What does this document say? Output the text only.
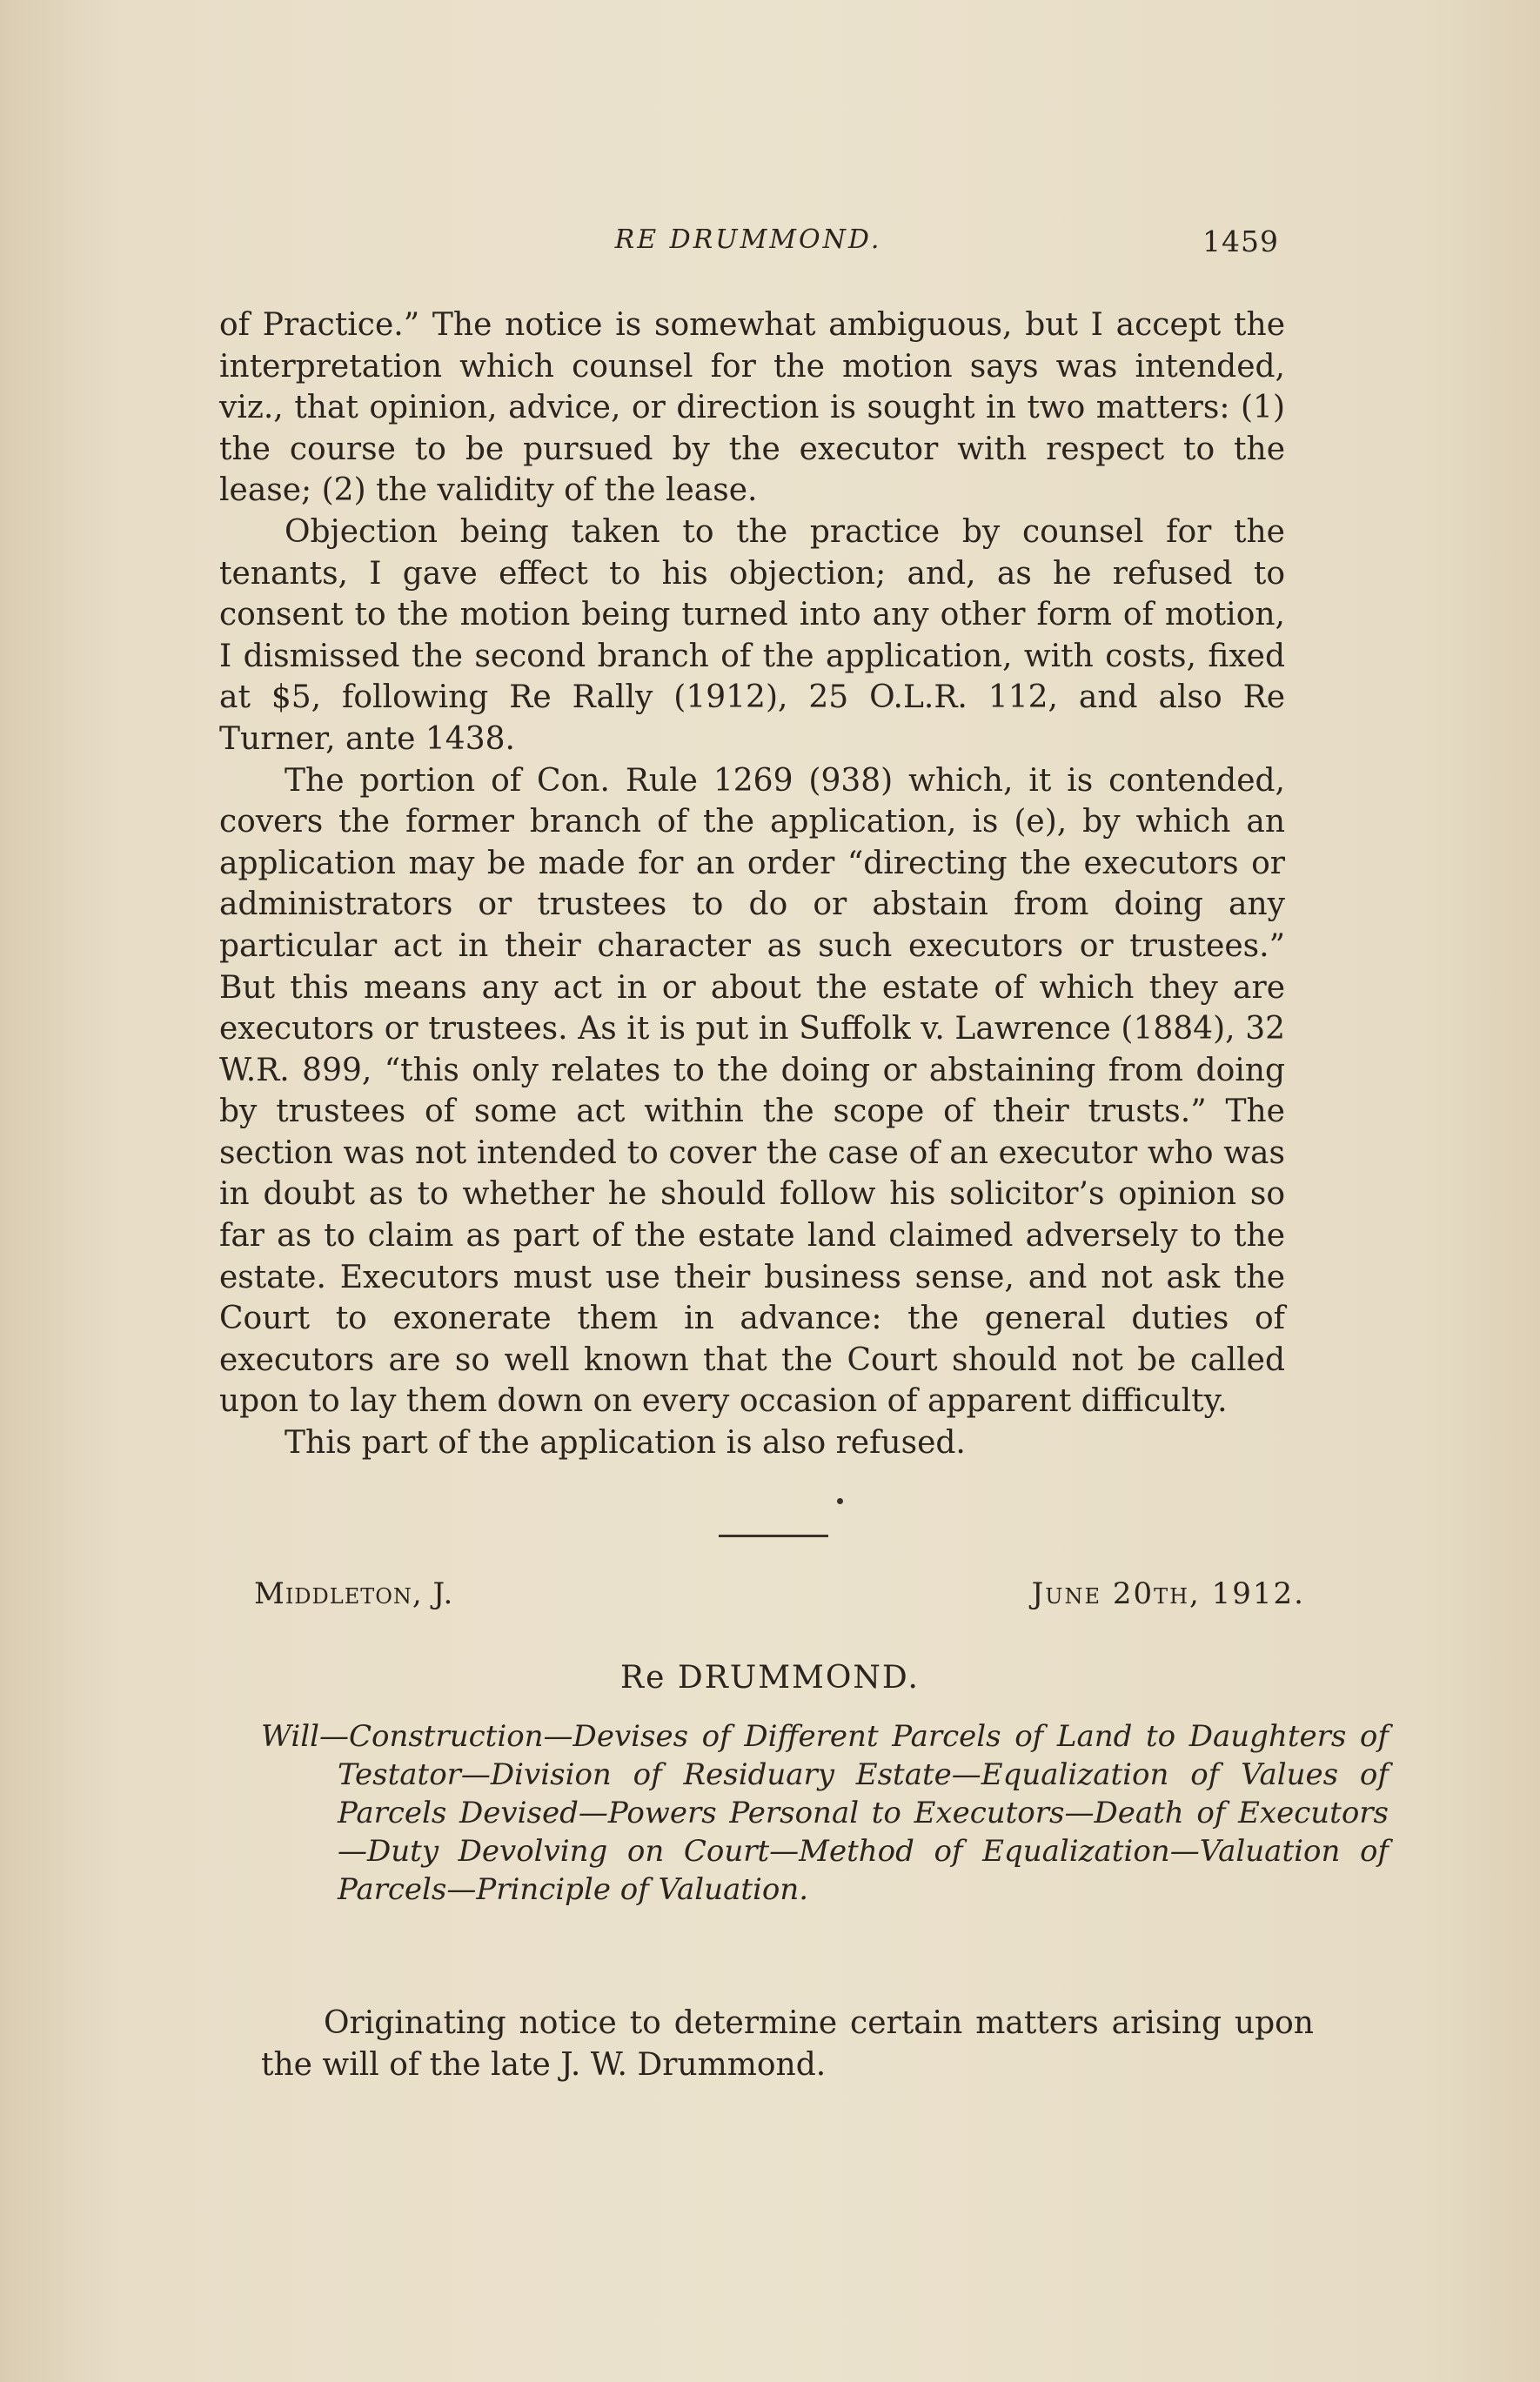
RE DRUMMOND.	1459

of Practice.” The notice is somewhat ambiguous, but I accept the interpretation which counsel for the motion says was intended, viz., that opinion, advice, or direction is sought in two matters: (1) the course to be pursued by the executor with respect to the lease; (2) the validity of the lease.

Objection being taken to the practice by counsel for the tenants, I gave effect to his objection; and, as he refused to consent to the motion being turned into any other form of motion, I dismissed the second branch of the application, with costs, fixed at $5, following Re Rally (1912), 25 O.L.R. 112, and also Re Turner, ante 1438.

The portion of Con. Rule 1269 (938) which, it is contended, covers the former branch of the application, is (e), by which an application may be made for an order “directing the executors or administrators or trustees to do or abstain from doing any particular act in their character as such executors or trustees.” But this means any act in or about the estate of which they are executors or trustees. As it is put in Suffolk v. Lawrence (1884), 32 W.R. 899, “this only relates to the doing or abstaining from doing by trustees of some act within the scope of their trusts.” The section was not intended to cover the case of an executor who was in doubt as to whether he should follow his solicitor’s opinion so far as to claim as part of the estate land claimed adversely to the estate. Executors must use their business sense, and not ask the Court to exonerate them in advance: the general duties of executors are so well known that the Court should not be called upon to lay them down on every occasion of apparent difficulty.

This part of the application is also refused.

Middleton, J.	June 20th, 1912.
Re DRUMMOND.
Will—Construction—Devises of Different Parcels of Land to Daughters of Testator—Division of Residuary Estate—Equalization of Values of Parcels Devised—Powers Personal to Executors—Death of Executors—Duty Devolving on Court—Method of Equalization—Valuation of Parcels—Principle of Valuation.

Originating notice to determine certain matters arising upon the will of the late J. W. Drummond.
